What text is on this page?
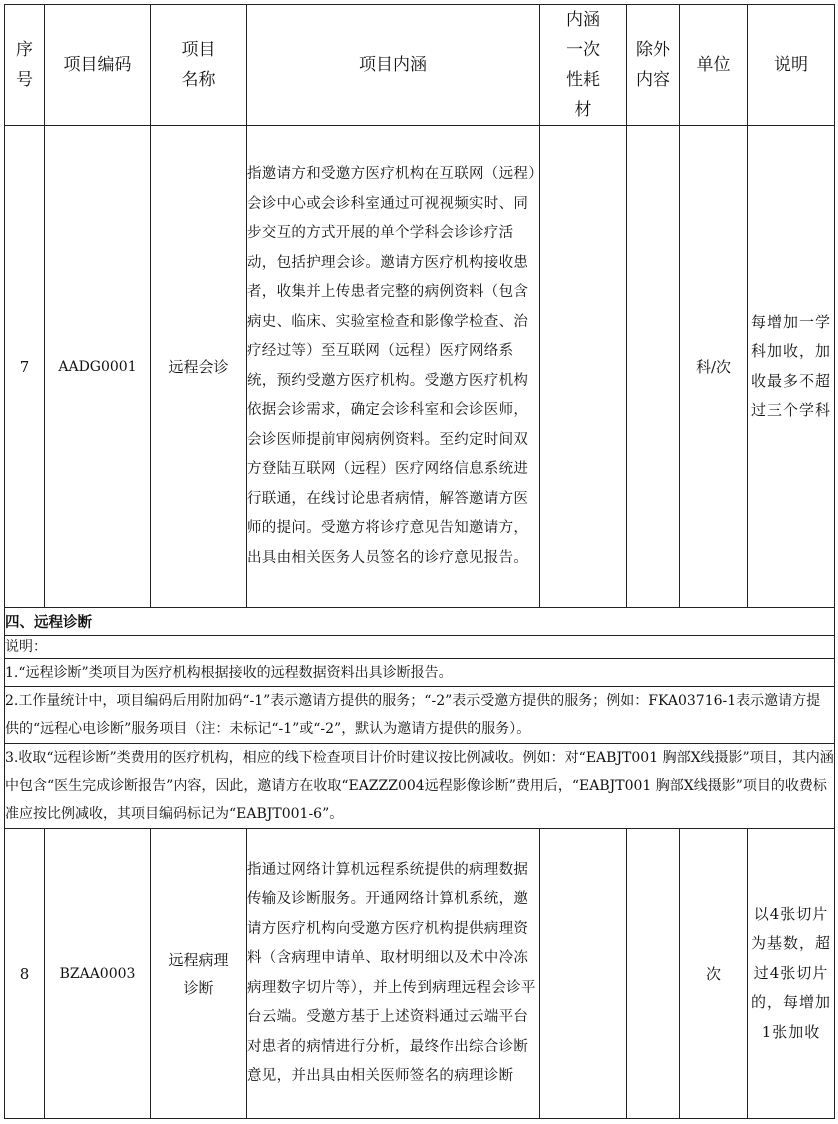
序号	项目编码	项目名称	项目内涵	内涵一次性耗材	除外内容	单位	说明
7	AADG0001	远程会诊	指邀请方和受邀方医疗机构在互联网（远程）会诊中心或会诊科室通过可视视频实时、同步交互的方式开展的单个学科会诊诊疗活动，包括护理会诊。邀请方医疗机构接收患者，收集并上传患者完整的病例资料（包含病史、临床、实验室检查和影像学检查、治疗经过等）至互联网（远程）医疗网络系统，预约受邀方医疗机构。受邀方医疗机构依据会诊需求，确定会诊科室和会诊医师，会诊医师提前审阅病例资料。至约定时间双方登陆互联网（远程）医疗网络信息系统进行联通，在线讨论患者病情，解答邀请方医师的提问。受邀方将诊疗意见告知邀请方，出具由相关医务人员签名的诊疗意见报告。			科/次	每增加一学科加收，加收最多不超过三个学科
四、远程诊断							
说明：							
1.“远程诊断”类项目为医疗机构根据接收的远程数据资料出具诊断报告。							
2.工作量统计中，项目编码后用附加码“-1”表示邀请方提供的服务；“-2”表示受邀方提供的服务；例如：FKA03716-1表示邀请方提供的“远程心电诊断”服务项目（注：未标记“-1”或“-2”，默认为邀请方提供的服务）。							
3.收取“远程诊断”类费用的医疗机构，相应的线下检查项目计价时建议按比例减收。例如：对“EABJT001 胸部X线摄影”项目，其内涵中包含“医生完成诊断报告”内容，因此，邀请方在收取“EAZZZ004远程影像诊断”费用后，“EABJT001 胸部X线摄影”项目的收费标准应按比例减收，其项目编码标记为“EABJT001-6”。							
8	BZAA0003	远程病理诊断	指通过网络计算机远程系统提供的病理数据传输及诊断服务。开通网络计算机系统，邀请方医疗机构向受邀方医疗机构提供病理资料（含病理申请单、取材明细以及术中冷冻病理数字切片等），并上传到病理远程会诊平台云端。受邀方基于上述资料通过云端平台对患者的病情进行分析，最终作出综合诊断意见，并出具由相关医师签名的病理诊断			次	以4张切片为基数，超过4张切片的，每增加1张加收
